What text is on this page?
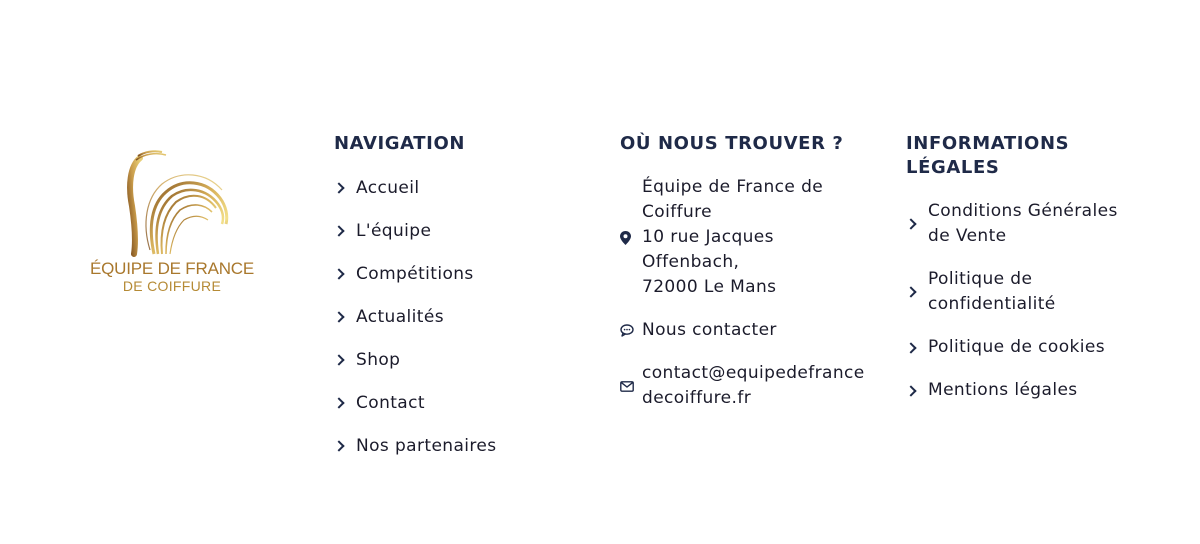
ÉQUIPE DE FRANCE
DE COIFFURE
NAVIGATION
Accueil
L'équipe
Compétitions
Actualités
Shop
Contact
Nos partenaires
OÙ NOUS TROUVER ?
Équipe de France de
Coiffure
10 rue Jacques
Offenbach,
72000 Le Mans
Nous contacter
contact@equipedefrance
decoiffure.fr
INFORMATIONS
LÉGALES
Conditions Générales
de Vente
Politique de
confidentialité
Politique de cookies
Mentions légales
